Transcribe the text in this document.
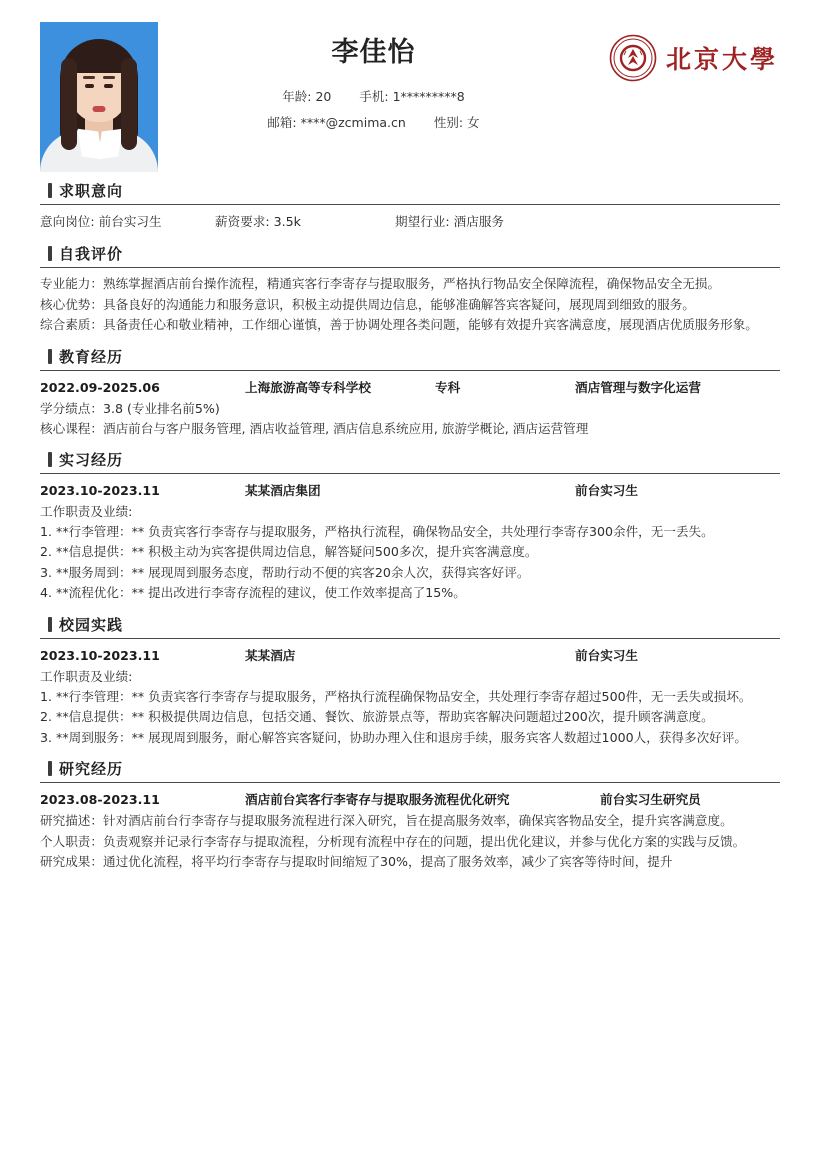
李佳怡
年龄: 20 手机: 1*********8
邮箱: ****@zcmima.cn 性别: 女
北京大學
求职意向
意向岗位: 前台实习生	薪资要求: 3.5k	期望行业: 酒店服务
自我评价
专业能力：熟练掌握酒店前台操作流程，精通宾客行李寄存与提取服务，严格执行物品安全保障流程，确保物品安全无损。
核心优势：具备良好的沟通能力和服务意识，积极主动提供周边信息，能够准确解答宾客疑问，展现周到细致的服务。
综合素质：具备责任心和敬业精神，工作细心谨慎，善于协调处理各类问题，能够有效提升宾客满意度，展现酒店优质服务形象。
教育经历
2022.09-2025.06	上海旅游高等专科学校	专科	酒店管理与数字化运营
学分绩点：3.8 (专业排名前5%)
核心课程：酒店前台与客户服务管理, 酒店收益管理, 酒店信息系统应用, 旅游学概论, 酒店运营管理
实习经历
2023.10-2023.11	某某酒店集团	前台实习生
工作职责及业绩:
1. **行李管理：** 负责宾客行李寄存与提取服务，严格执行流程，确保物品安全，共处理行李寄存300余件，无一丢失。
2. **信息提供：** 积极主动为宾客提供周边信息，解答疑问500多次，提升宾客满意度。
3. **服务周到：** 展现周到服务态度，帮助行动不便的宾客20余人次，获得宾客好评。
4. **流程优化：** 提出改进行李寄存流程的建议，使工作效率提高了15%。
校园实践
2023.10-2023.11	某某酒店	前台实习生
工作职责及业绩:
1. **行李管理：** 负责宾客行李寄存与提取服务，严格执行流程确保物品安全，共处理行李寄存超过500件，无一丢失或损坏。
2. **信息提供：** 积极提供周边信息，包括交通、餐饮、旅游景点等，帮助宾客解决问题超过200次，提升顾客满意度。
3. **周到服务：** 展现周到服务，耐心解答宾客疑问，协助办理入住和退房手续，服务宾客人数超过1000人，获得多次好评。
研究经历
2023.08-2023.11	酒店前台宾客行李寄存与提取服务流程优化研究	前台实习生研究员
研究描述：针对酒店前台行李寄存与提取服务流程进行深入研究，旨在提高服务效率，确保宾客物品安全，提升宾客满意度。
个人职责：负责观察并记录行李寄存与提取流程，分析现有流程中存在的问题，提出优化建议，并参与优化方案的实践与反馈。
研究成果：通过优化流程，将平均行李寄存与提取时间缩短了30%，提高了服务效率，减少了宾客等待时间，提升
